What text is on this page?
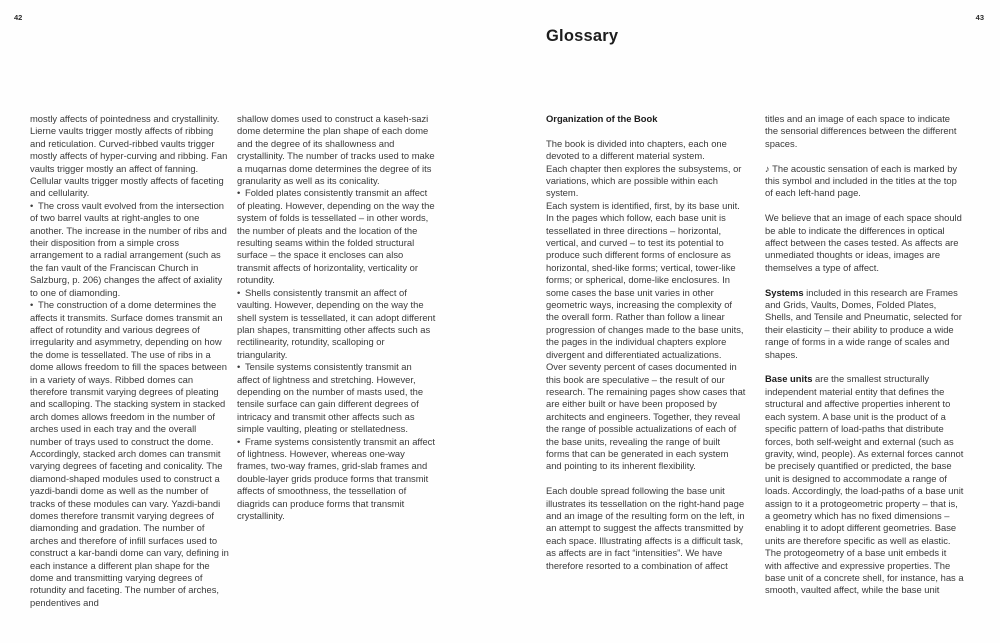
42	43
Glossary

mostly affects of pointedness and crystallinity. Lierne vaults trigger mostly affects of ribbing and reticulation. Curved-ribbed vaults trigger mostly affects of hyper-curving and ribbing. Fan vaults trigger mostly an affect of fanning. Cellular vaults trigger mostly affects of faceting and cellularity.

• The cross vault evolved from the intersection of two barrel vaults at right-angles to one another. The increase in the number of ribs and their disposition from a simple cross arrangement to a radial arrangement (such as the fan vault of the Franciscan Church in Salzburg, p. 206) changes the affect of axiality to one of diamonding.

• The construction of a dome determines the affects it transmits. Surface domes transmit an affect of rotundity and various degrees of irregularity and asymmetry, depending on how the dome is tessellated. The use of ribs in a dome allows freedom to fill the spaces between in a variety of ways. Ribbed domes can therefore transmit varying degrees of pleating and scalloping. The stacking system in stacked arch domes allows freedom in the number of arches used in each tray and the overall number of trays used to construct the dome. Accordingly, stacked arch domes can transmit varying degrees of faceting and conicality. The diamond-shaped modules used to construct a yazdi-bandi dome as well as the number of tracks of these modules can vary. Yazdi-bandi domes therefore transmit varying degrees of diamonding and gradation. The number of arches and therefore of infill surfaces used to construct a kar-bandi dome can vary, defining in each instance a different plan shape for the dome and transmitting varying degrees of rotundity and faceting. The number of arches, pendentives and

shallow domes used to construct a kaseh-sazi dome determine the plan shape of each dome and the degree of its shallowness and crystallinity. The number of tracks used to make a muqarnas dome determines the degree of its granularity as well as its conicality.

• Folded plates consistently transmit an affect of pleating. However, depending on the way the system of folds is tessellated – in other words, the number of pleats and the location of the resulting seams within the folded structural surface – the space it encloses can also transmit affects of horizontality, verticality or rotundity.

• Shells consistently transmit an affect of vaulting. However, depending on the way the shell system is tessellated, it can adopt different plan shapes, transmitting other affects such as rectilinearity, rotundity, scalloping or triangularity.

• Tensile systems consistently transmit an affect of lightness and stretching. However, depending on the number of masts used, the tensile surface can gain different degrees of intricacy and transmit other affects such as simple vaulting, pleating or stellatedness.

• Frame systems consistently transmit an affect of lightness. However, whereas one-way frames, two-way frames, grid-slab frames and double-layer grids produce forms that transmit affects of smoothness, the tessellation of diagrids can produce forms that transmit crystallinity.

Organization of the Book

The book is divided into chapters, each one devoted to a different material system.

Each chapter then explores the subsystems, or variations, which are possible within each system.

Each system is identified, first, by its base unit. In the pages which follow, each base unit is tessellated in three directions – horizontal, vertical, and curved – to test its potential to produce such different forms of enclosure as horizontal, shed-like forms; vertical, tower-like forms; or spherical, dome-like enclosures. In some cases the base unit varies in other geometric ways, increasing the complexity of the overall form. Rather than follow a linear progression of changes made to the base units, the pages in the individual chapters explore divergent and differentiated actualizations.

Over seventy percent of cases documented in this book are speculative – the result of our research. The remaining pages show cases that are either built or have been proposed by architects and engineers. Together, they reveal the range of possible actualizations of each of the base units, revealing the range of built forms that can be generated in each system and pointing to its inherent flexibility.

Each double spread following the base unit illustrates its tessellation on the right-hand page and an image of the resulting form on the left, in an attempt to suggest the affects transmitted by each space. Illustrating affects is a difficult task, as affects are in fact “intensities”. We have therefore resorted to a combination of affect

titles and an image of each space to indicate the sensorial differences between the different spaces.

♪ The acoustic sensation of each is marked by this symbol and included in the titles at the top of each left-hand page.

We believe that an image of each space should be able to indicate the differences in optical affect between the cases tested. As affects are unmediated thoughts or ideas, images are themselves a type of affect.

Systems included in this research are Frames and Grids, Vaults, Domes, Folded Plates, Shells, and Tensile and Pneumatic, selected for their elasticity – their ability to produce a wide range of forms in a wide range of scales and shapes.

Base units are the smallest structurally independent material entity that defines the structural and affective properties inherent to each system. A base unit is the product of a specific pattern of load-paths that distribute forces, both self-weight and external (such as gravity, wind, people). As external forces cannot be precisely quantified or predicted, the base unit is designed to accommodate a range of loads. Accordingly, the load-paths of a base unit assign to it a protogeometric property – that is, a geometry which has no fixed dimensions – enabling it to adopt different geometries. Base units are therefore specific as well as elastic. The protogeometry of a base unit embeds it with affective and expressive properties. The base unit of a concrete shell, for instance, has a smooth, vaulted affect, while the base unit
